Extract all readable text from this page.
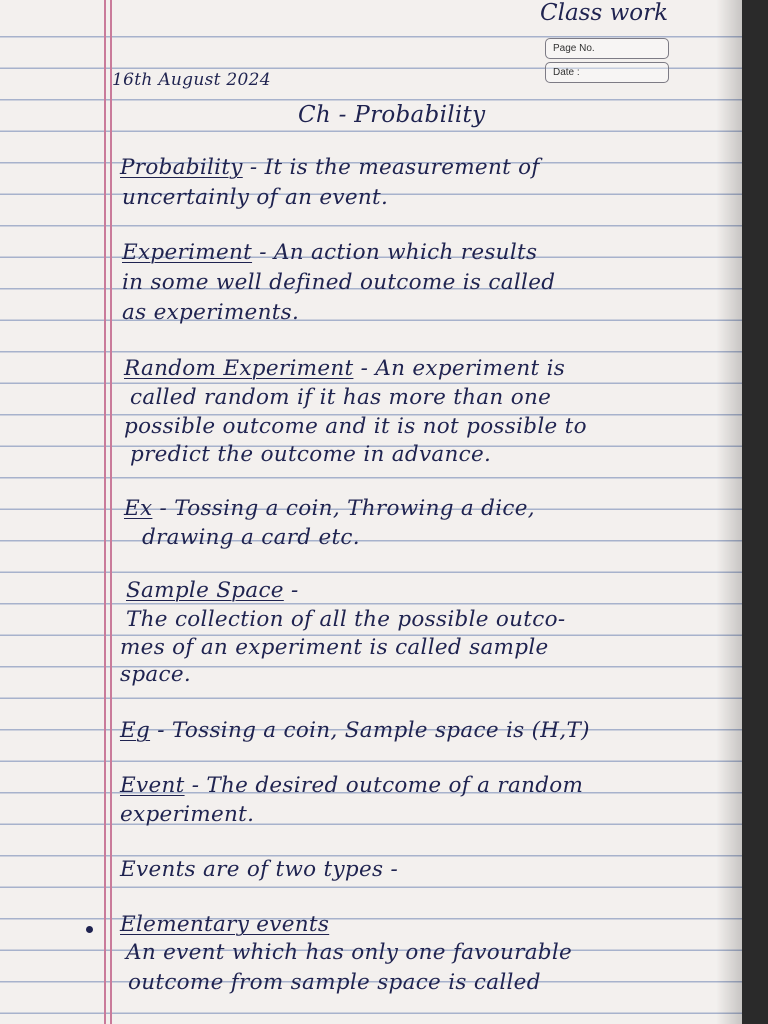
Class work
Page No.
Date :

16th August 2024

Ch - Probability

Probability - It is the measurement of

uncertainly of an event.

Experiment - An action which results

in some well defined outcome is called

as experiments.

Random Experiment - An experiment is

called random if it has more than one

possible outcome and it is not possible to

predict the outcome in advance.

Ex - Tossing a coin, Throwing a dice,

drawing a card etc.

Sample Space -

The collection of all the possible outco-

mes of an experiment is called sample

space.

Eg - Tossing a coin, Sample space is (H,T)

Event - The desired outcome of a random

experiment.

Events are of two types -

Elementary events

An event which has only one favourable

outcome from sample space is called
